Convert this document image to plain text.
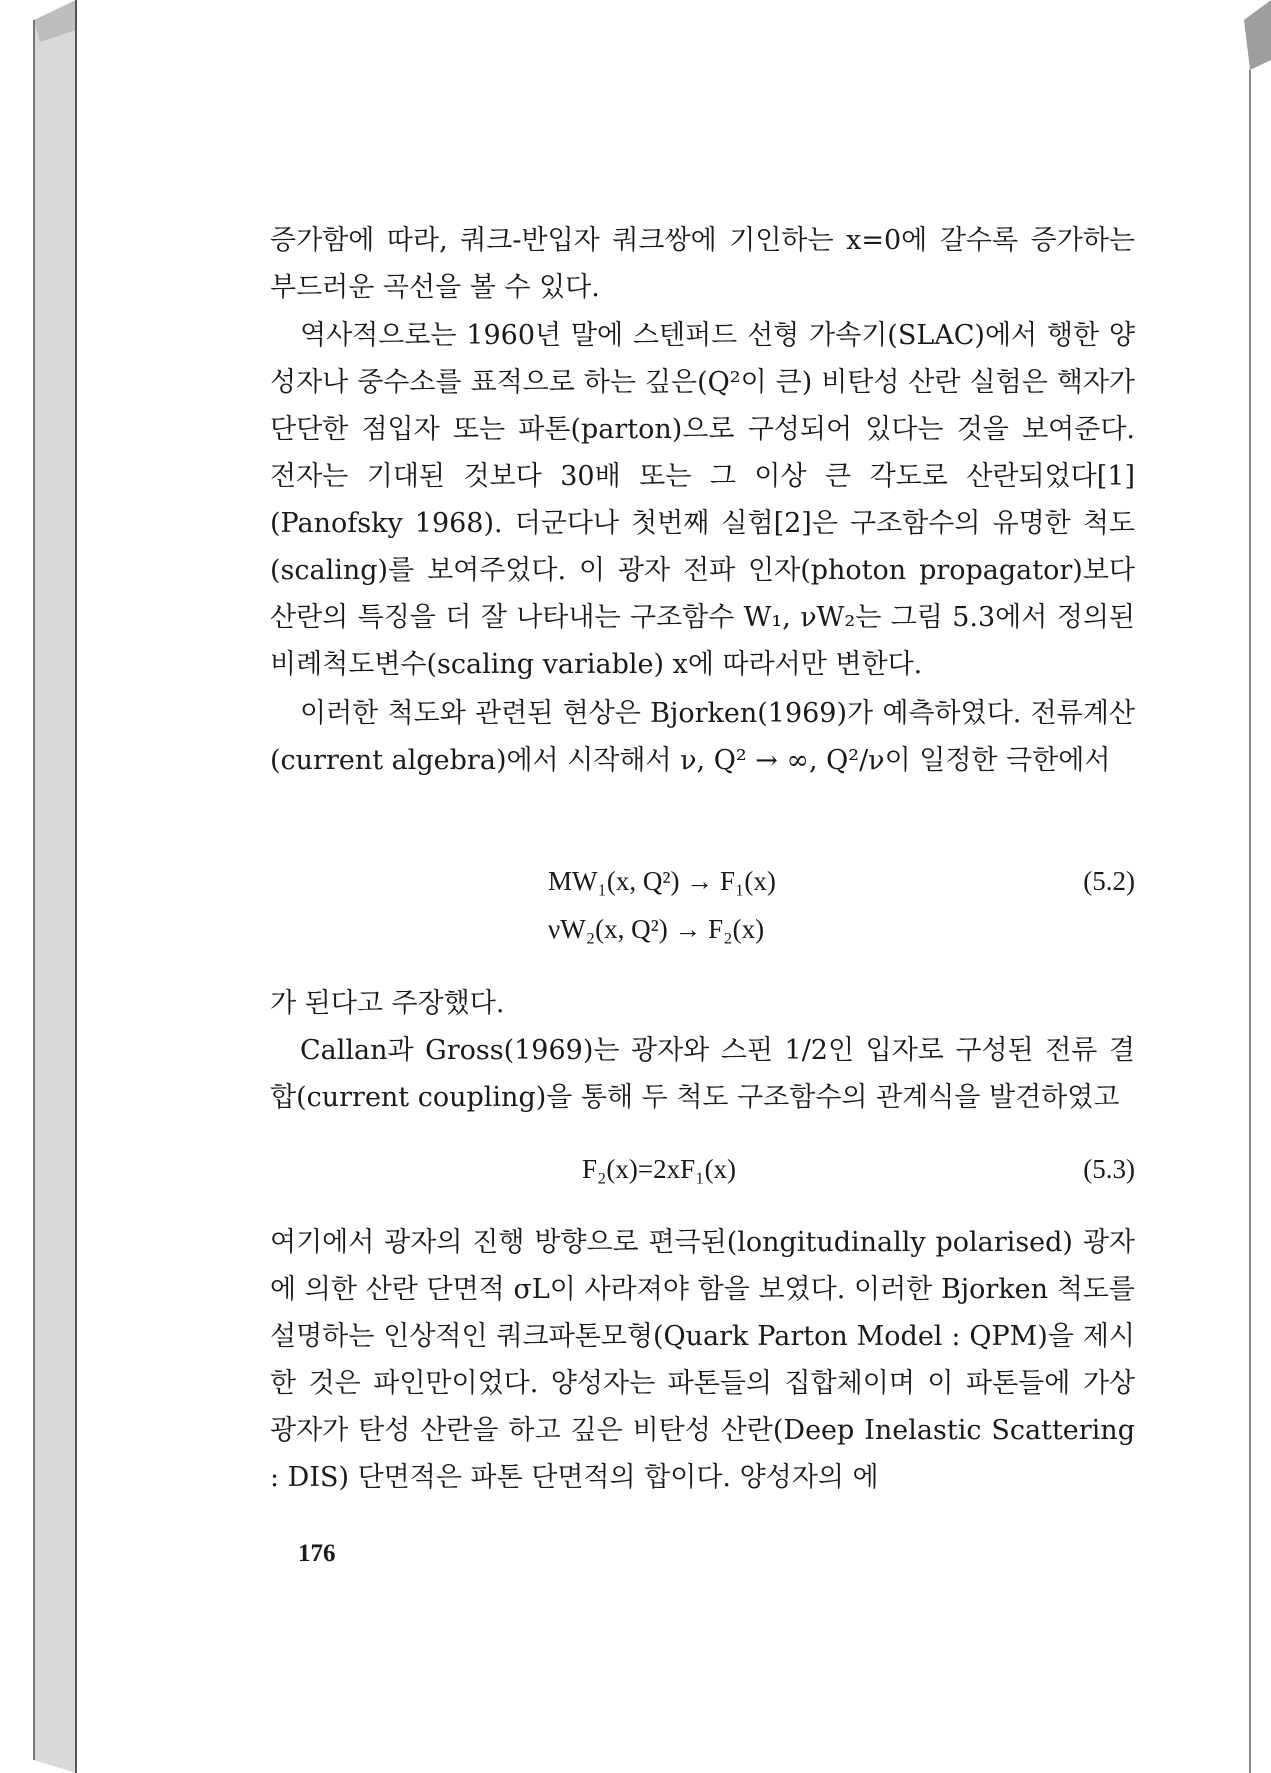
증가함에 따라, 쿼크-반입자 쿼크쌍에 기인하는 x=0에 갈수록 증가하는 부드러운 곡선을 볼 수 있다.

역사적으로는 1960년 말에 스텐퍼드 선형 가속기(SLAC)에서 행한 양성자나 중수소를 표적으로 하는 깊은(Q²이 큰) 비탄성 산란 실험은 핵자가 단단한 점입자 또는 파톤(parton)으로 구성되어 있다는 것을 보여준다. 전자는 기대된 것보다 30배 또는 그 이상 큰 각도로 산란되었다[1](Panofsky 1968). 더군다나 첫번째 실험[2]은 구조함수의 유명한 척도(scaling)를 보여주었다. 이 광자 전파 인자(photon propagator)보다 산란의 특징을 더 잘 나타내는 구조함수 W₁, νW₂는 그림 5.3에서 정의된 비례척도변수(scaling variable) x에 따라서만 변한다.

이러한 척도와 관련된 현상은 Bjorken(1969)가 예측하였다. 전류계산(current algebra)에서 시작해서 ν, Q² → ∞, Q²/ν이 일정한 극한에서

MW₁(x, Q²) → F₁(x)
νW₂(x, Q²) → F₂(x)
(5.2)

가 된다고 주장했다.

Callan과 Gross(1969)는 광자와 스핀 1/2인 입자로 구성된 전류 결합(current coupling)을 통해 두 척도 구조함수의 관계식을 발견하였고

F₂(x)=2xF₁(x)	(5.3)

여기에서 광자의 진행 방향으로 편극된(longitudinally polarised) 광자에 의한 산란 단면적 σL이 사라져야 함을 보였다. 이러한 Bjorken 척도를 설명하는 인상적인 쿼크파톤모형(Quark Parton Model : QPM)을 제시한 것은 파인만이었다. 양성자는 파톤들의 집합체이며 이 파톤들에 가상 광자가 탄성 산란을 하고 깊은 비탄성 산란(Deep Inelastic Scattering : DIS) 단면적은 파톤 단면적의 합이다. 양성자의 에

176
